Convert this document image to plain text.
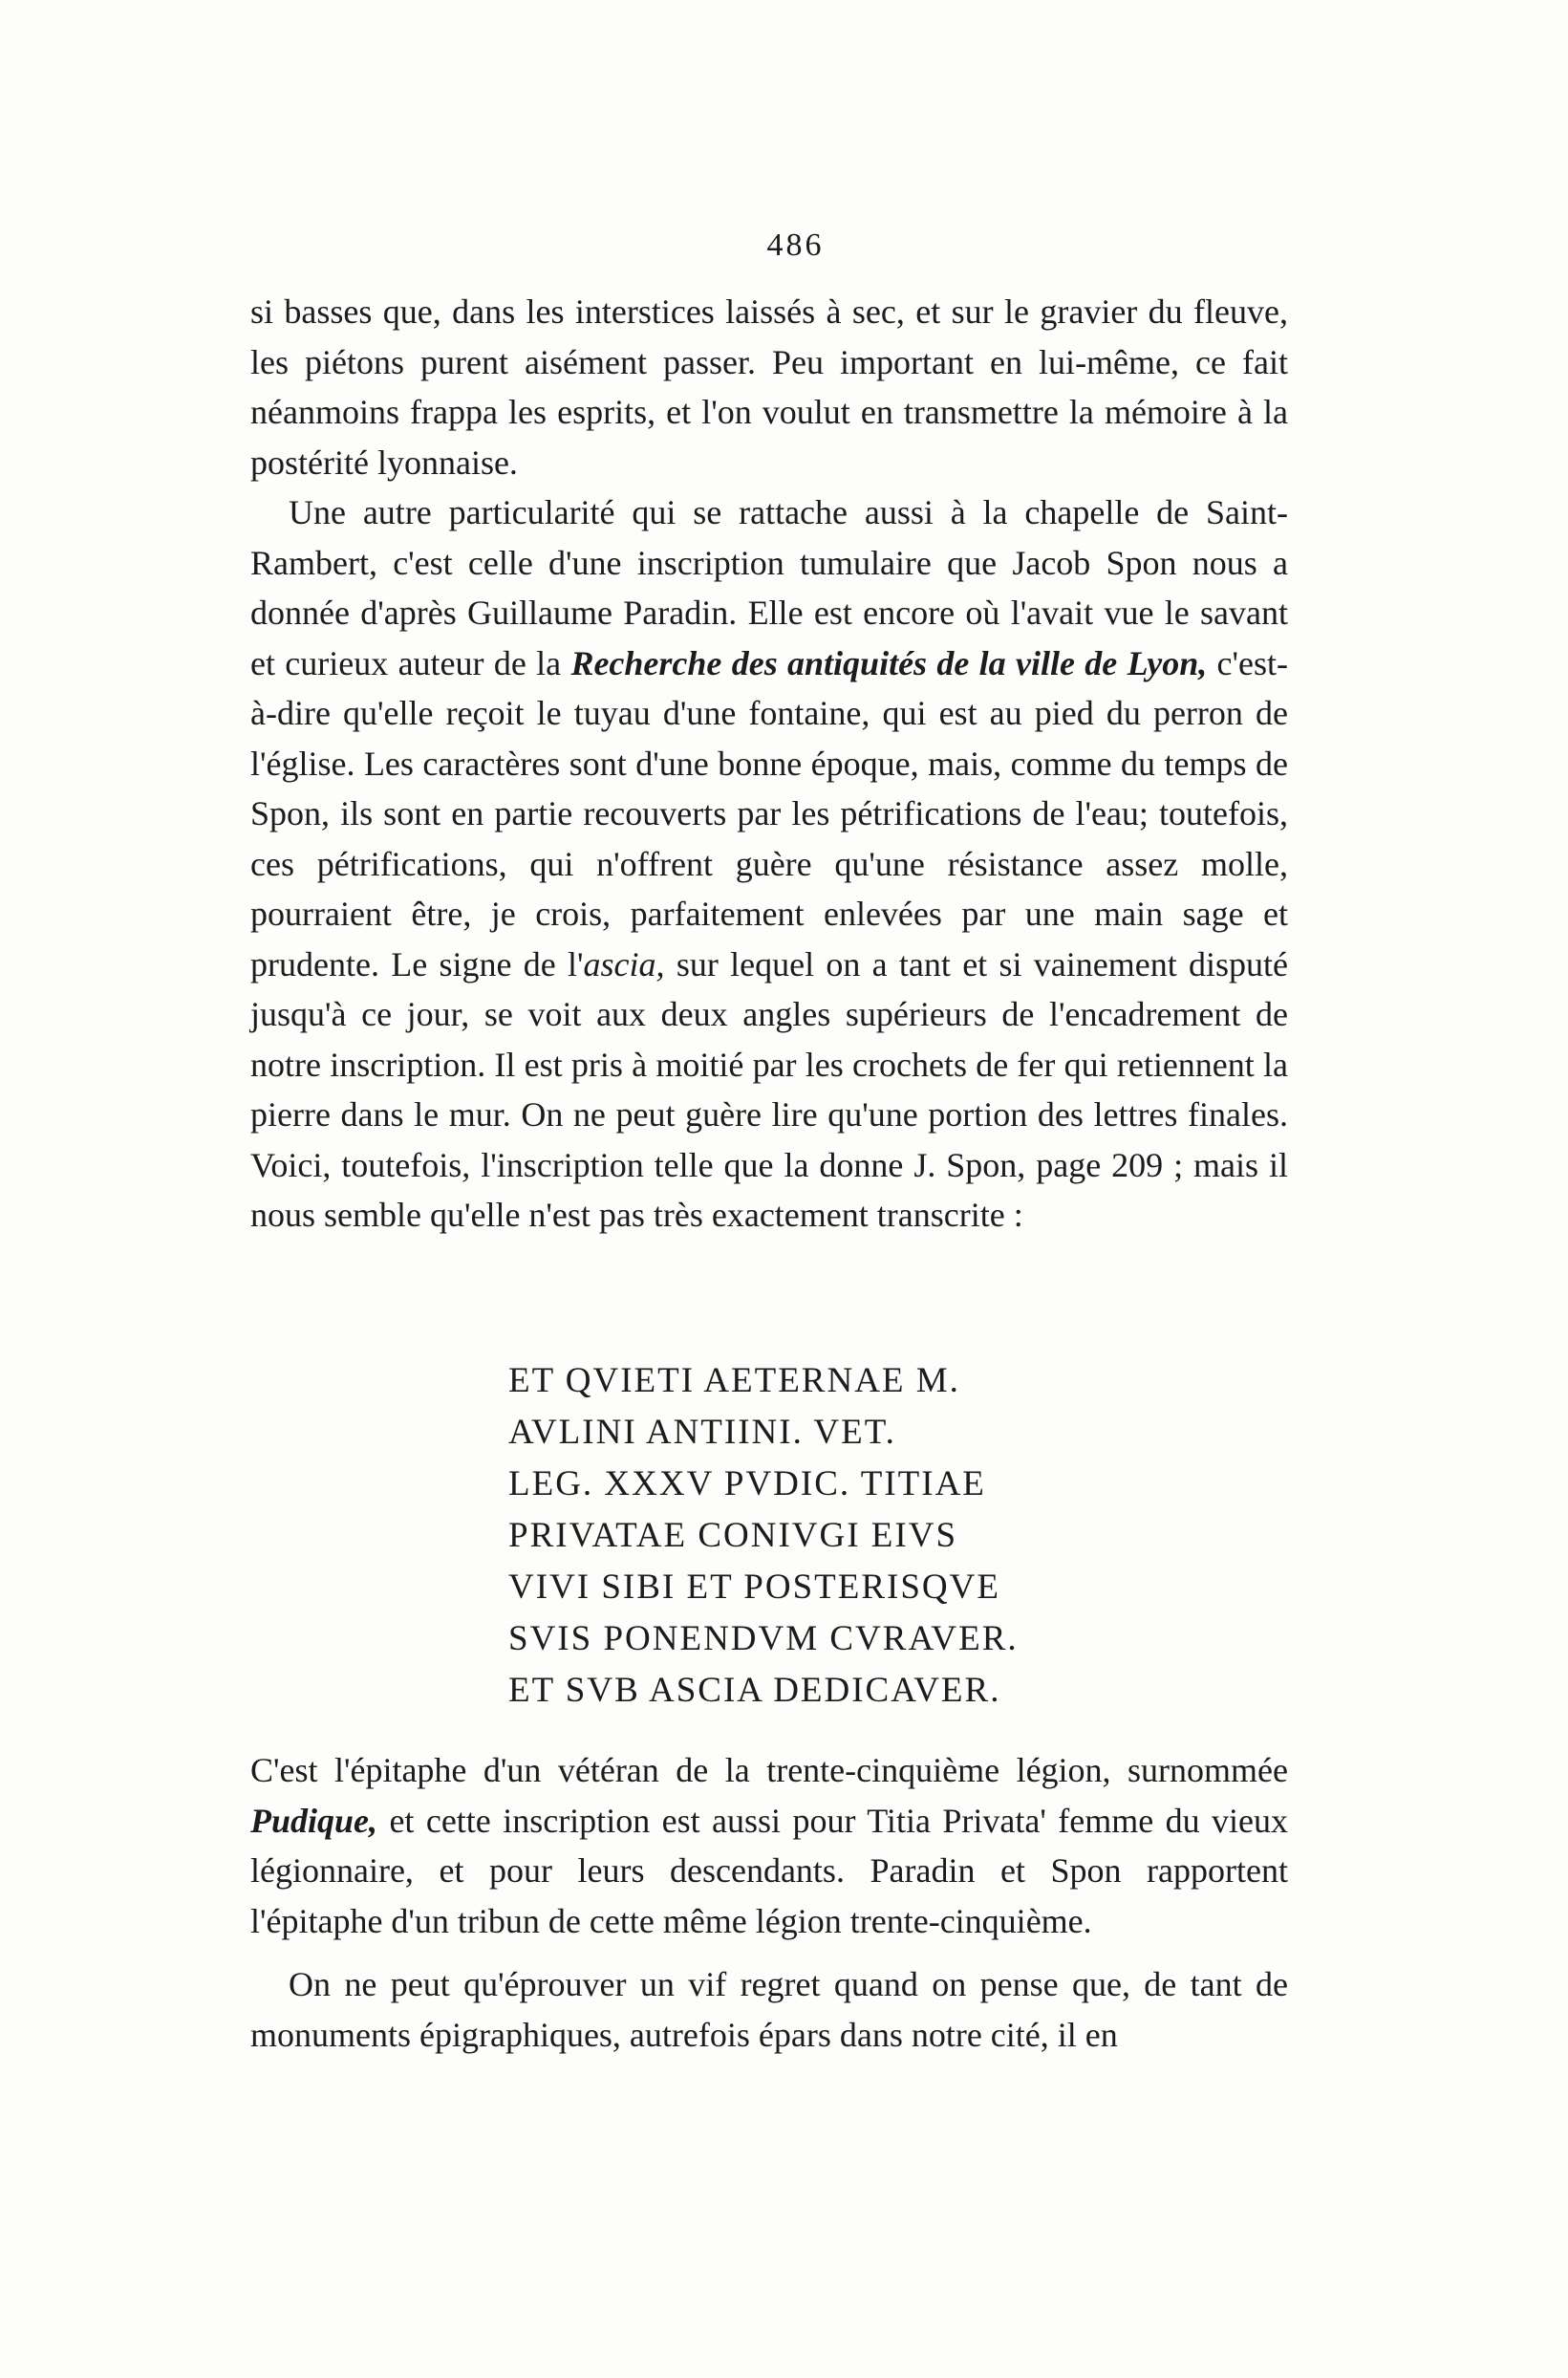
486

si basses que, dans les interstices laissés à sec, et sur le gravier du fleuve, les piétons purent aisément passer. Peu important en lui-même, ce fait néanmoins frappa les esprits, et l'on voulut en transmettre la mémoire à la postérité lyonnaise.

Une autre particularité qui se rattache aussi à la chapelle de Saint-Rambert, c'est celle d'une inscription tumulaire que Jacob Spon nous a donnée d'après Guillaume Paradin. Elle est encore où l'avait vue le savant et curieux auteur de la Recherche des antiquités de la ville de Lyon, c'est-à-dire qu'elle reçoit le tuyau d'une fontaine, qui est au pied du perron de l'église. Les caractères sont d'une bonne époque, mais, comme du temps de Spon, ils sont en partie recouverts par les pétrifications de l'eau; toutefois, ces pétrifications, qui n'offrent guère qu'une résistance assez molle, pourraient être, je crois, parfaitement enlevées par une main sage et prudente. Le signe de l'ascia, sur lequel on a tant et si vainement disputé jusqu'à ce jour, se voit aux deux angles supérieurs de l'encadrement de notre inscription. Il est pris à moitié par les crochets de fer qui retiennent la pierre dans le mur. On ne peut guère lire qu'une portion des lettres finales. Voici, toutefois, l'inscription telle que la donne J. Spon, page 209 ; mais il nous semble qu'elle n'est pas très exactement transcrite :

ET QVIETI AETERNAE M.
AVLINI ANTIINI. VET.
LEG. XXXV PVDIC. TITIAE
PRIVATAE CONIVGI EIVS
VIVI SIBI ET POSTERISQVE
SVIS PONENDVM CVRAVER.
ET SVB ASCIA DEDICAVER.

C'est l'épitaphe d'un vétéran de la trente-cinquième légion, surnommée Pudique, et cette inscription est aussi pour Titia Privata' femme du vieux légionnaire, et pour leurs descendants. Paradin et Spon rapportent l'épitaphe d'un tribun de cette même légion trente-cinquième.

On ne peut qu'éprouver un vif regret quand on pense que, de tant de monuments épigraphiques, autrefois épars dans notre cité, il en
